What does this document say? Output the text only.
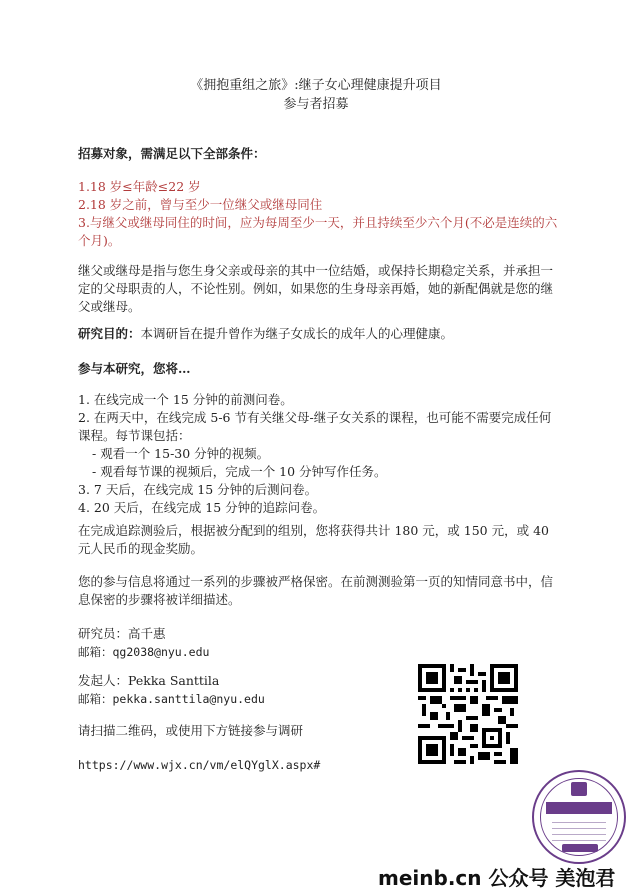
《拥抱重组之旅》:继子女心理健康提升项目
参与者招募
招募对象，需满足以下全部条件：
1.18 岁≤年龄≤22 岁
2.18 岁之前，曾与至少一位继父或继母同住
3.与继父或继母同住的时间，应为每周至少一天，并且持续至少六个月(不必是连续的六个月)。
继父或继母是指与您生身父亲或母亲的其中一位结婚，或保持长期稳定关系，并承担一定的父母职责的人，不论性别。例如，如果您的生身母亲再婚，她的新配偶就是您的继父或继母。
研究目的：本调研旨在提升曾作为继子女成长的成年人的心理健康。
参与本研究，您将…
1. 在线完成一个 15 分钟的前测问卷。
2. 在两天中，在线完成 5-6 节有关继父母-继子女关系的课程，也可能不需要完成任何课程。每节课包括：
- 观看一个 15-30 分钟的视频。
- 观看每节课的视频后，完成一个 10 分钟写作任务。
3. 7 天后，在线完成 15 分钟的后测问卷。
4. 20 天后，在线完成 15 分钟的追踪问卷。
在完成追踪测验后，根据被分配到的组别，您将获得共计 180 元，或 150 元，或 40 元人民币的现金奖励。
您的参与信息将通过一系列的步骤被严格保密。在前测测验第一页的知情同意书中，信息保密的步骤将被详细描述。
研究员：高千惠
邮箱：qg2038@nyu.edu
发起人：Pekka Santtila
邮箱：pekka.santtila@nyu.edu
请扫描二维码，或使用下方链接参与调研
https://www.wjx.cn/vm/elQYglX.aspx#
meinb.cn 公众号 美泡君
